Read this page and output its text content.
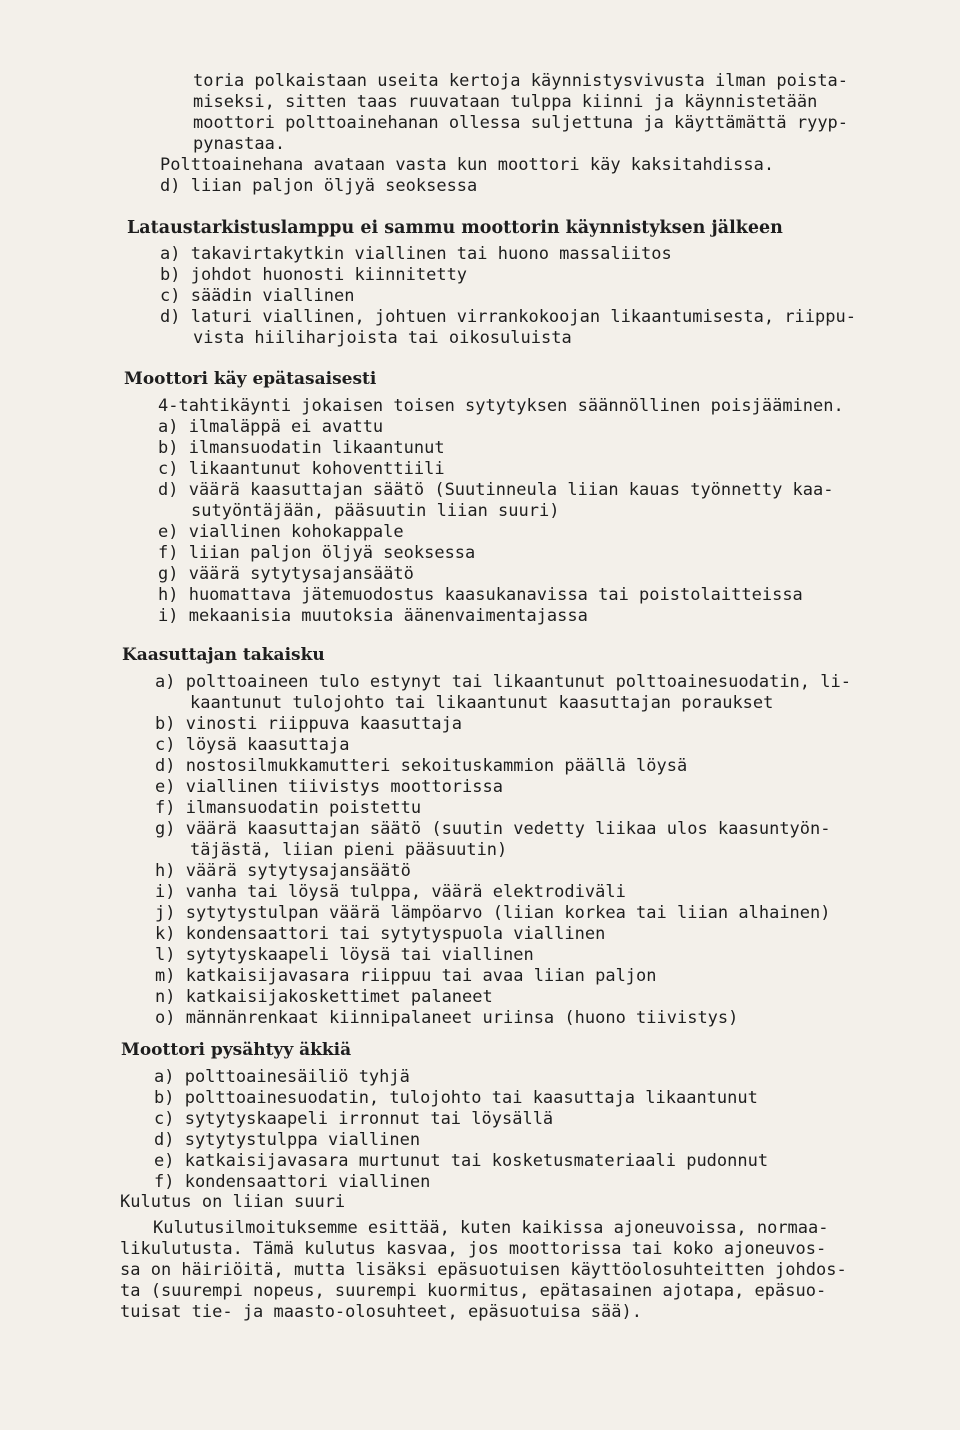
toria polkaistaan useita kertoja käynnistysvivusta ilman poista-
miseksi, sitten taas ruuvataan tulppa kiinni ja käynnistetään
moottori polttoainehanan ollessa suljettuna ja käyttämättä ryyp-
pynastaa.
Polttoainehana avataan vasta kun moottori käy kaksitahdissa.
d) liian paljon öljyä seoksessa
Lataustarkistuslamppu ei sammu moottorin käynnistyksen jälkeen
a) takavirtakytkin viallinen tai huono massaliitos
b) johdot huonosti kiinnitetty
c) säädin viallinen
d) laturi viallinen, johtuen virrankokoojan likaantumisesta, riippu-
vista hiiliharjoista tai oikosuluista
Moottori käy epätasaisesti
4-tahtikäynti jokaisen toisen sytytyksen säännöllinen poisjääminen.
a) ilmaläppä ei avattu
b) ilmansuodatin likaantunut
c) likaantunut kohoventtiili
d) väärä kaasuttajan säätö (Suutinneula liian kauas työnnetty kaa-
sutyöntäjään, pääsuutin liian suuri)
e) viallinen kohokappale
f) liian paljon öljyä seoksessa
g) väärä sytytysajansäätö
h) huomattava jätemuodostus kaasukanavissa tai poistolaitteissa
i) mekaanisia muutoksia äänenvaimentajassa
Kaasuttajan takaisku
a) polttoaineen tulo estynyt tai likaantunut polttoainesuodatin, li-
kaantunut tulojohto tai likaantunut kaasuttajan poraukset
b) vinosti riippuva kaasuttaja
c) löysä kaasuttaja
d) nostosilmukkamutteri sekoituskammion päällä löysä
e) viallinen tiivistys moottorissa
f) ilmansuodatin poistettu
g) väärä kaasuttajan säätö (suutin vedetty liikaa ulos kaasuntyön-
täjästä, liian pieni pääsuutin)
h) väärä sytytysajansäätö
i) vanha tai löysä tulppa, väärä elektrodiväli
j) sytytystulpan väärä lämpöarvo (liian korkea tai liian alhainen)
k) kondensaattori tai sytytyspuola viallinen
l) sytytyskaapeli löysä tai viallinen
m) katkaisijavasara riippuu tai avaa liian paljon
n) katkaisijakoskettimet palaneet
o) männänrenkaat kiinnipalaneet uriinsa (huono tiivistys)
Moottori pysähtyy äkkiä
a) polttoainesäiliö tyhjä
b) polttoainesuodatin, tulojohto tai kaasuttaja likaantunut
c) sytytyskaapeli irronnut tai löysällä
d) sytytystulppa viallinen
e) katkaisijavasara murtunut tai kosketusmateriaali pudonnut
f) kondensaattori viallinen
Kulutus on liian suuri
Kulutusilmoituksemme esittää, kuten kaikissa ajoneuvoissa, normaa-
likulutusta. Tämä kulutus kasvaa, jos moottorissa tai koko ajoneuvos-
sa on häiriöitä, mutta lisäksi epäsuotuisen käyttöolosuhteitten johdos-
ta (suurempi nopeus, suurempi kuormitus, epätasainen ajotapa, epäsuo-
tuisat tie- ja maasto-olosuhteet, epäsuotuisa sää).
